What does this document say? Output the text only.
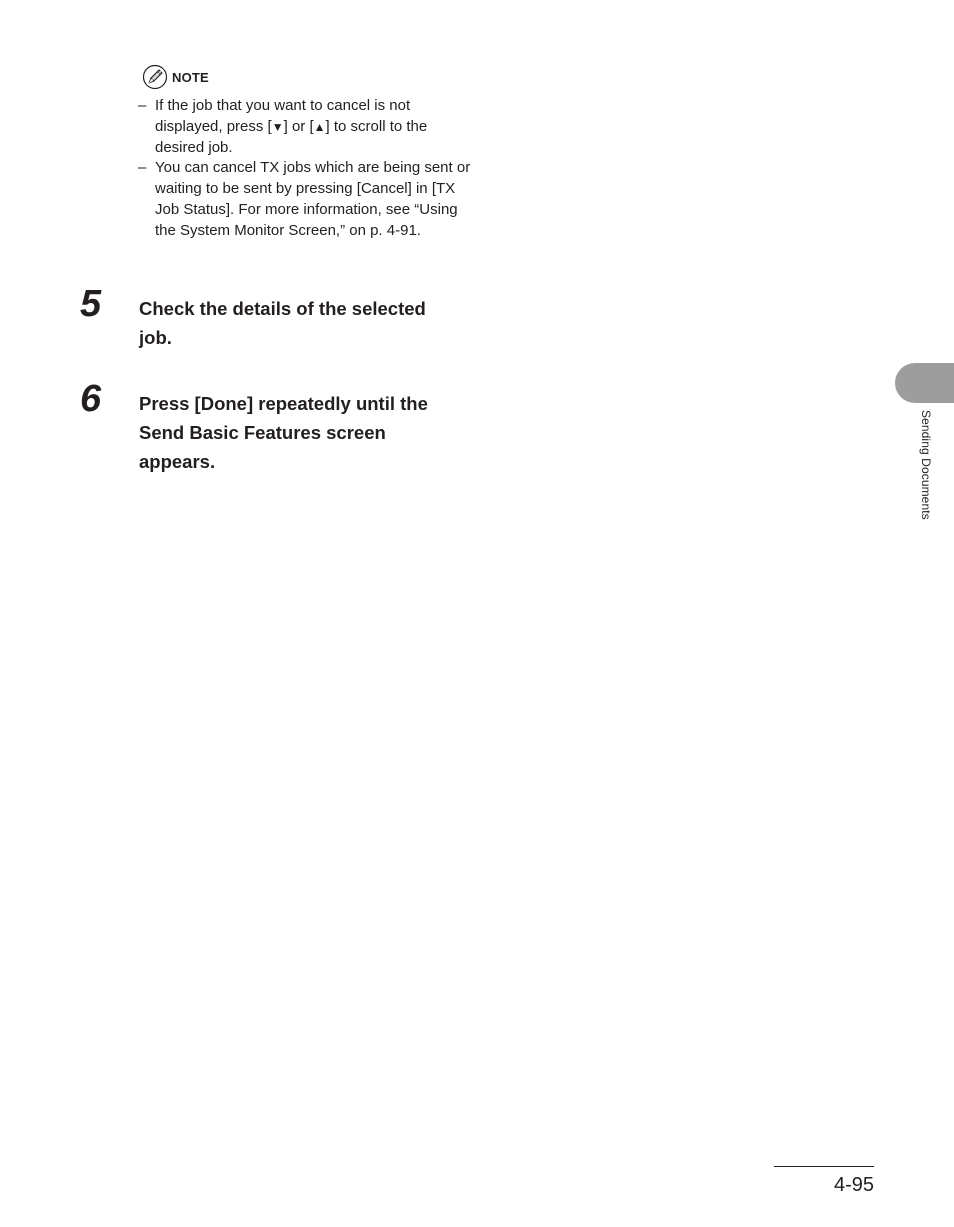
NOTE
– If the job that you want to cancel is not displayed, press [▼] or [▲] to scroll to the desired job.
– You can cancel TX jobs which are being sent or waiting to be sent by pressing [Cancel] in [TX Job Status]. For more information, see “Using the System Monitor Screen,” on p. 4-91.
5 Check the details of the selected job.
6 Press [Done] repeatedly until the Send Basic Features screen appears.	Sending Documents
4-95
